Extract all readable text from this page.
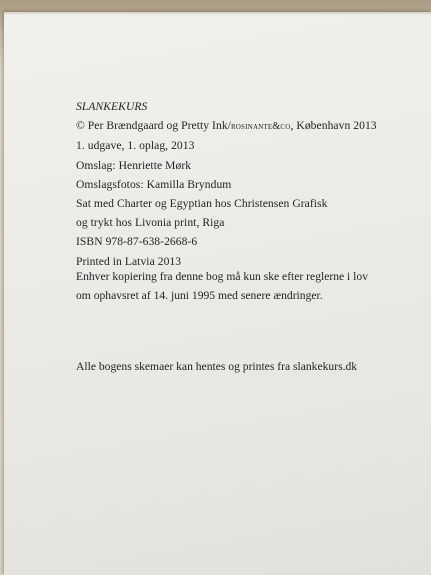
SLANKEKURS
© Per Brændgaard og Pretty Ink/rosinante&co, København 2013
1. udgave, 1. oplag, 2013
Omslag: Henriette Mørk
Omslagsfotos: Kamilla Bryndum
Sat med Charter og Egyptian hos Christensen Grafisk
og trykt hos Livonia print, Riga
ISBN 978-87-638-2668-6
Printed in Latvia 2013
Enhver kopiering fra denne bog må kun ske efter reglerne i lov
om ophavsret af 14. juni 1995 med senere ændringer.
Alle bogens skemaer kan hentes og printes fra slankekurs.dk
